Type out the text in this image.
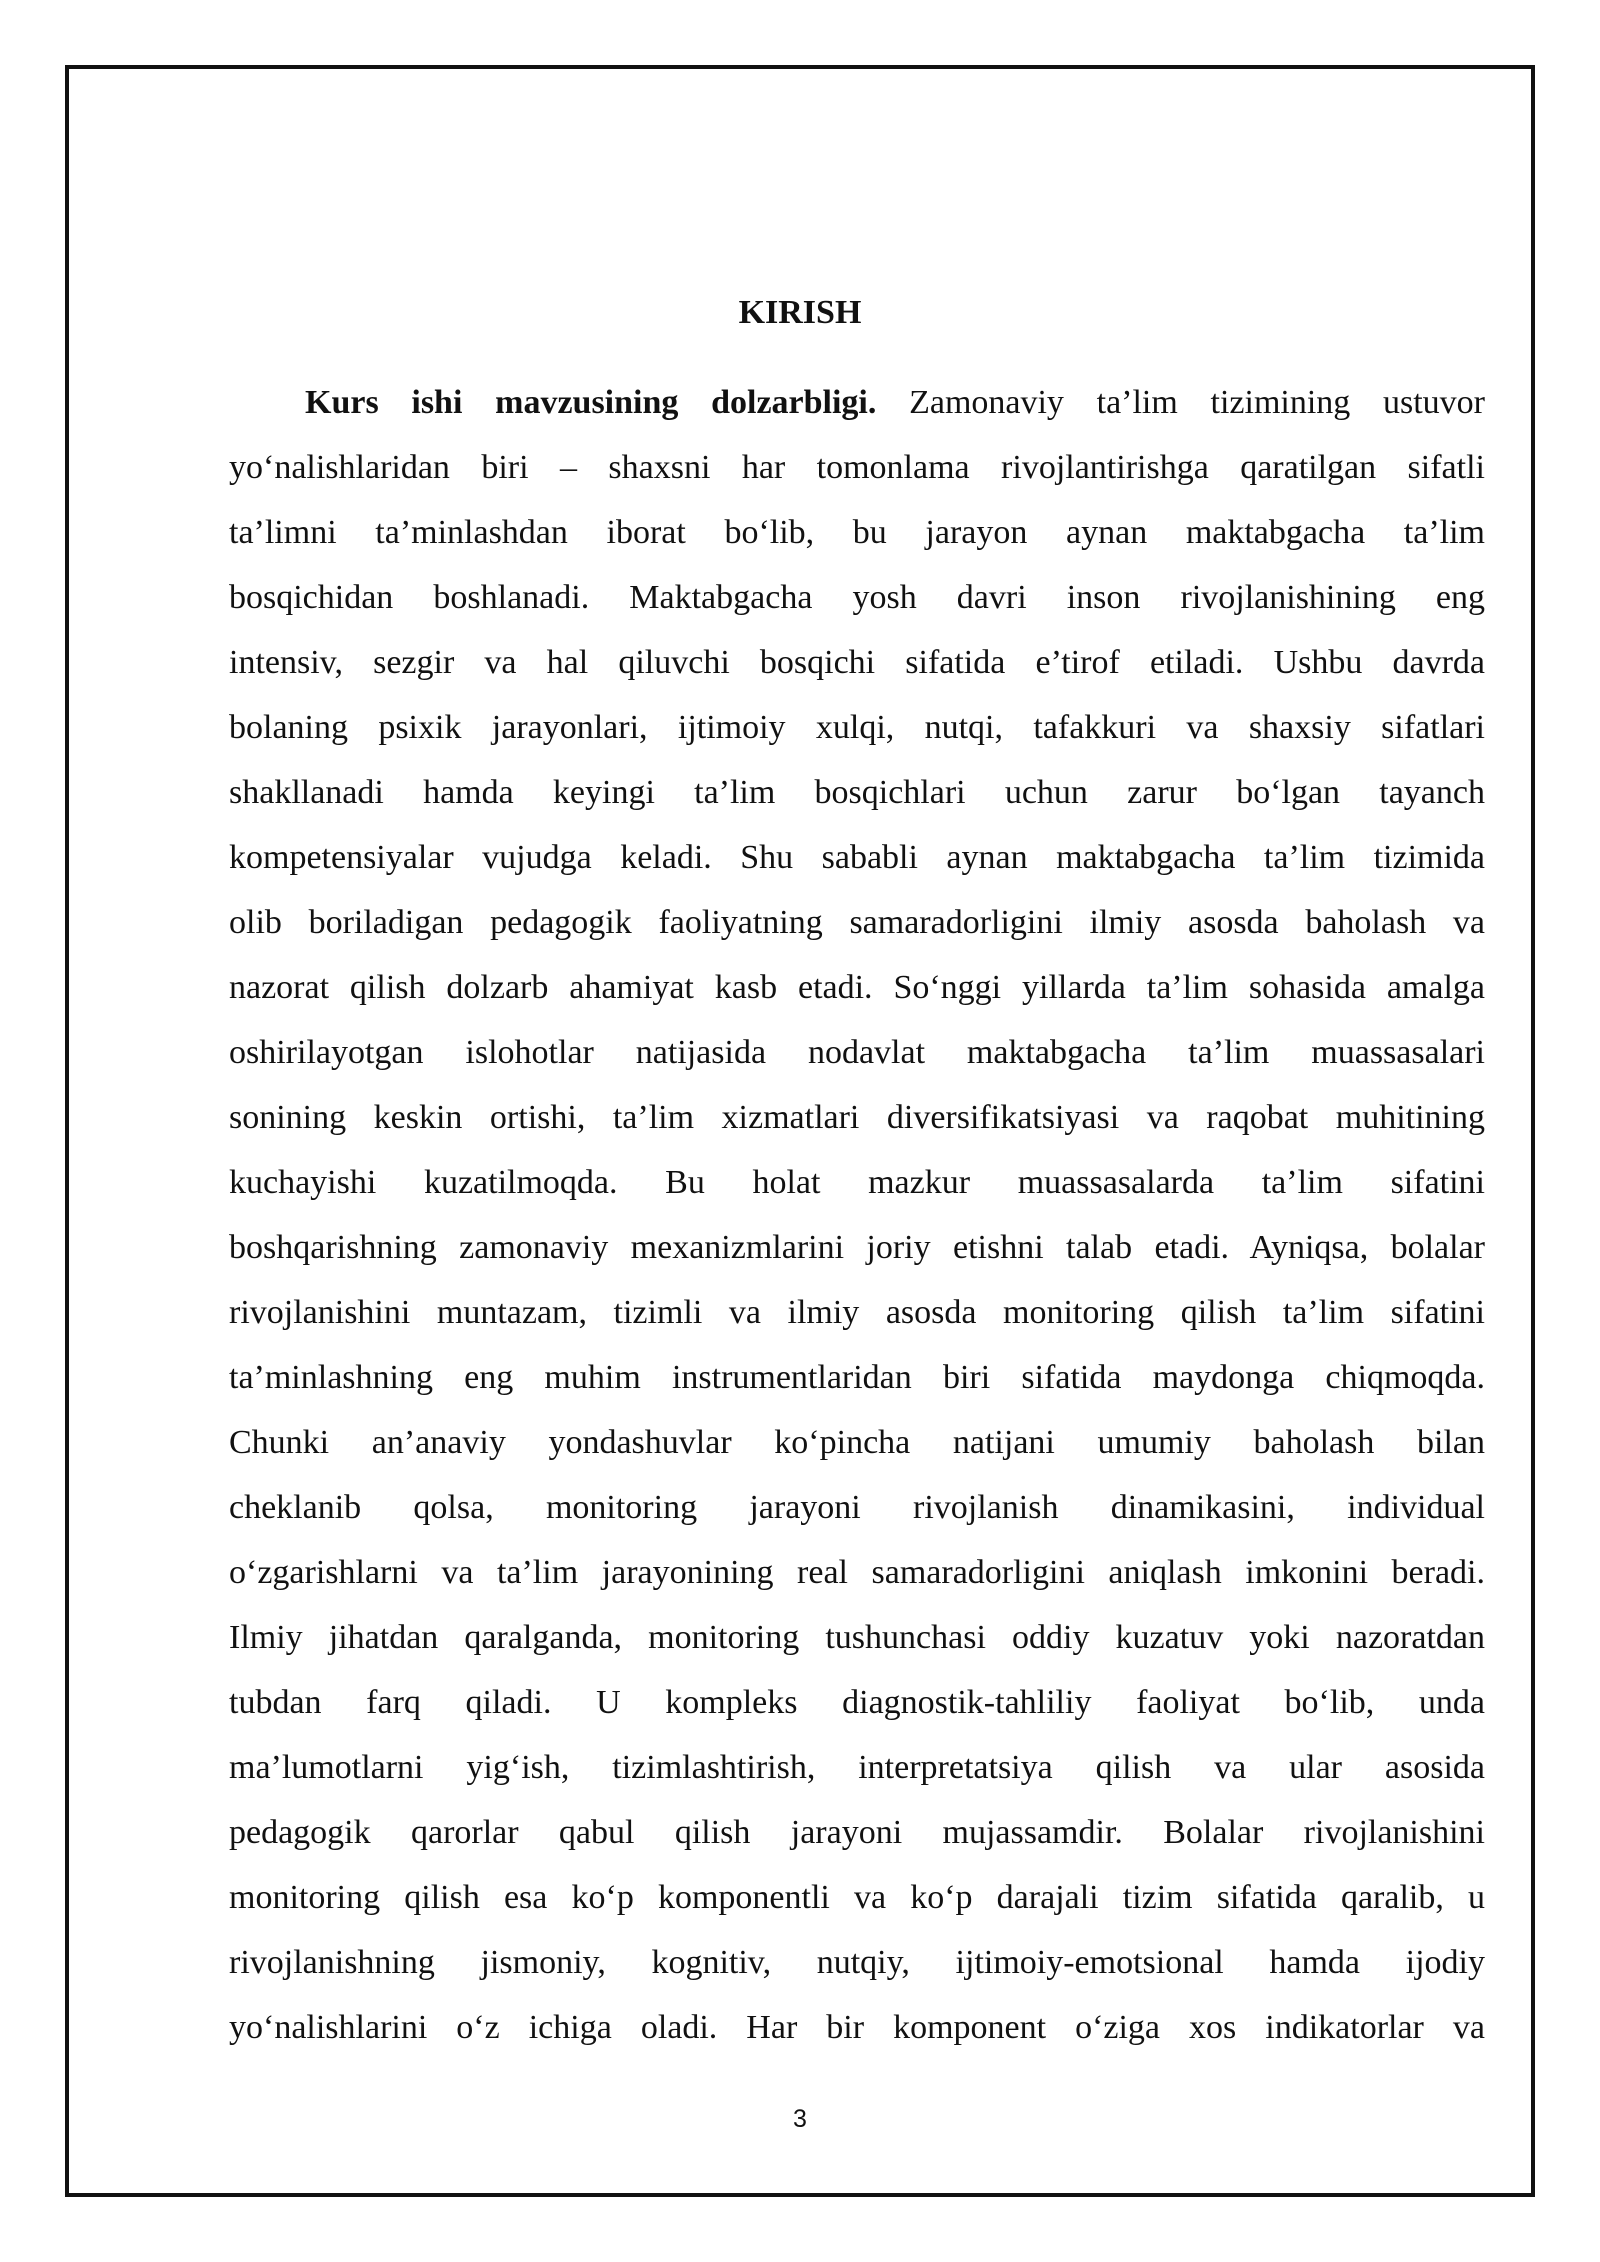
KIRISH
Kurs ishi mavzusining dolzarbligi. Zamonaviy ta’lim tizimining ustuvor
yo‘nalishlaridan biri – shaxsni har tomonlama rivojlantirishga qaratilgan sifatli
ta’limni ta’minlashdan iborat bo‘lib, bu jarayon aynan maktabgacha ta’lim
bosqichidan boshlanadi. Maktabgacha yosh davri inson rivojlanishining eng
intensiv, sezgir va hal qiluvchi bosqichi sifatida e’tirof etiladi. Ushbu davrda
bolaning psixik jarayonlari, ijtimoiy xulqi, nutqi, tafakkuri va shaxsiy sifatlari
shakllanadi hamda keyingi ta’lim bosqichlari uchun zarur bo‘lgan tayanch
kompetensiyalar vujudga keladi. Shu sababli aynan maktabgacha ta’lim tizimida
olib boriladigan pedagogik faoliyatning samaradorligini ilmiy asosda baholash va
nazorat qilish dolzarb ahamiyat kasb etadi. So‘nggi yillarda ta’lim sohasida amalga
oshirilayotgan islohotlar natijasida nodavlat maktabgacha ta’lim muassasalari
sonining keskin ortishi, ta’lim xizmatlari diversifikatsiyasi va raqobat muhitining
kuchayishi kuzatilmoqda. Bu holat mazkur muassasalarda ta’lim sifatini
boshqarishning zamonaviy mexanizmlarini joriy etishni talab etadi. Ayniqsa, bolalar
rivojlanishini muntazam, tizimli va ilmiy asosda monitoring qilish ta’lim sifatini
ta’minlashning eng muhim instrumentlaridan biri sifatida maydonga chiqmoqda.
Chunki an’anaviy yondashuvlar ko‘pincha natijani umumiy baholash bilan
cheklanib qolsa, monitoring jarayoni rivojlanish dinamikasini, individual
o‘zgarishlarni va ta’lim jarayonining real samaradorligini aniqlash imkonini beradi.
Ilmiy jihatdan qaralganda, monitoring tushunchasi oddiy kuzatuv yoki nazoratdan
tubdan farq qiladi. U kompleks diagnostik-tahliliy faoliyat bo‘lib, unda
ma’lumotlarni yig‘ish, tizimlashtirish, interpretatsiya qilish va ular asosida
pedagogik qarorlar qabul qilish jarayoni mujassamdir. Bolalar rivojlanishini
monitoring qilish esa ko‘p komponentli va ko‘p darajali tizim sifatida qaralib, u
rivojlanishning jismoniy, kognitiv, nutqiy, ijtimoiy-emotsional hamda ijodiy
yo‘nalishlarini o‘z ichiga oladi. Har bir komponent o‘ziga xos indikatorlar va
3
